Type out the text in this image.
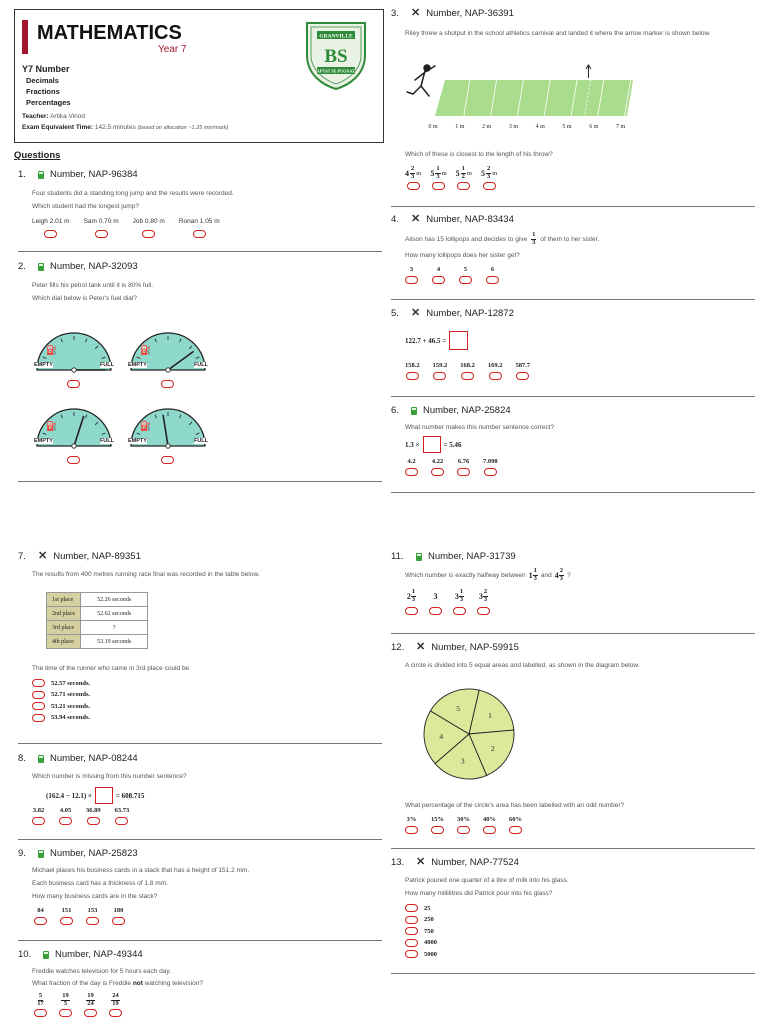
MATHEMATICS
Year 7
Y7 Number
Decimals
Fractions
Percentages
Teacher: Artika Vinod
Exam Equivalent Time: 142.5 minutes (based on allocation ~1.25 min/mark)
GRANVILLE
BS
APTAT SE PUGNAE
Questions
1.	Number, NAP-96384
Four students did a standing long jump and the results were recorded.
Which student had the longest jump?
Leigh 2.01 m Sam 0.70 m Job 0.80 m Ronan 1.05 m
2.	Number, NAP-32093
Peter fills his petrol tank until it is 80% full.
Which dial below is Peter's fuel dial?
⛽
EMPTY	FULL
⛽
EMPTY	FULL
⛽
EMPTY	FULL
⛽
EMPTY	FULL
3.	✕ Number, NAP-36391
Riley threw a shotput in the school athletics carnival and landed it where the arrow marker is shown below.
0 m	1 m	2 m	3 m	4 m	5 m	6 m	7 m
Which of these is closest to the length of his throw?
$4 \frac{2}{3}$ m $5 \frac{1}{3}$ m $5 \frac{1}{2}$ m $5 \frac{2}{3}$ m
4.	✕ Number, NAP-83434
Alison has 15 lollipops and decides to give $\frac{1}{3}$ of them to her sister.
How many lollipops does her sister get?
3	4	5	6
5.	✕ Number, NAP-12872
122.7 + 46.5 =
158.2 159.2 168.2 169.2 587.7
6.	Number, NAP-25824
What number makes this number sentence correct?
1.3 ×	= 5.46
4.2	4.22 6.76 7.098
7.	✕ Number, NAP-89351
The results from 400 metres running race final was recorded in the table below.
1st place	52.26 seconds
2nd place	52.62 seconds
3rd place	?
4th place	53.19 seconds
The time of the runner who came in 3rd place could be
52.57 seconds.
52.71 seconds.
53.21 seconds.
53.94 seconds.
8.	Number, NAP-08244
Which number is missing from this number sentence?
(162.4 − 12.1) ×	= 608.715
3.82 4.05 36.89 63.73
9.	Number, NAP-25823
Michael places his business cards in a stack that has a height of 151.2 mm.
Each business card has a thickness of 1.8 mm.
How many business cards are in the stack?
84	151	153	180
10.	Number, NAP-49344
Freddie watches television for 5 hours each day.
What fraction of the day is Freddie not watching television?
$\frac{5}{17}$	$\frac{19}{5}$	$\frac{19}{24}$	$\frac{24}{19}$
11.	Number, NAP-31739
Which number is exactly halfway between $1 \frac{1}{3}$ and $4 \frac{2}{3}$ ?
$2 \frac{1}{3} 3$ $3 \frac{1}{3} 3 \frac{2}{3}$
12.	✕ Number, NAP-59915
A circle is divided into 5 equal areas and labelled, as shown in the diagram below.
1
2
3
4
5
What percentage of the circle's area has been labelled with an odd number?
3% 15% 30% 40% 60%
13.	✕ Number, NAP-77524
Patrick poured one quarter of a litre of milk into his glass.
How many millilitres did Patrick pour into his glass?
25
250
750
4000
5000
